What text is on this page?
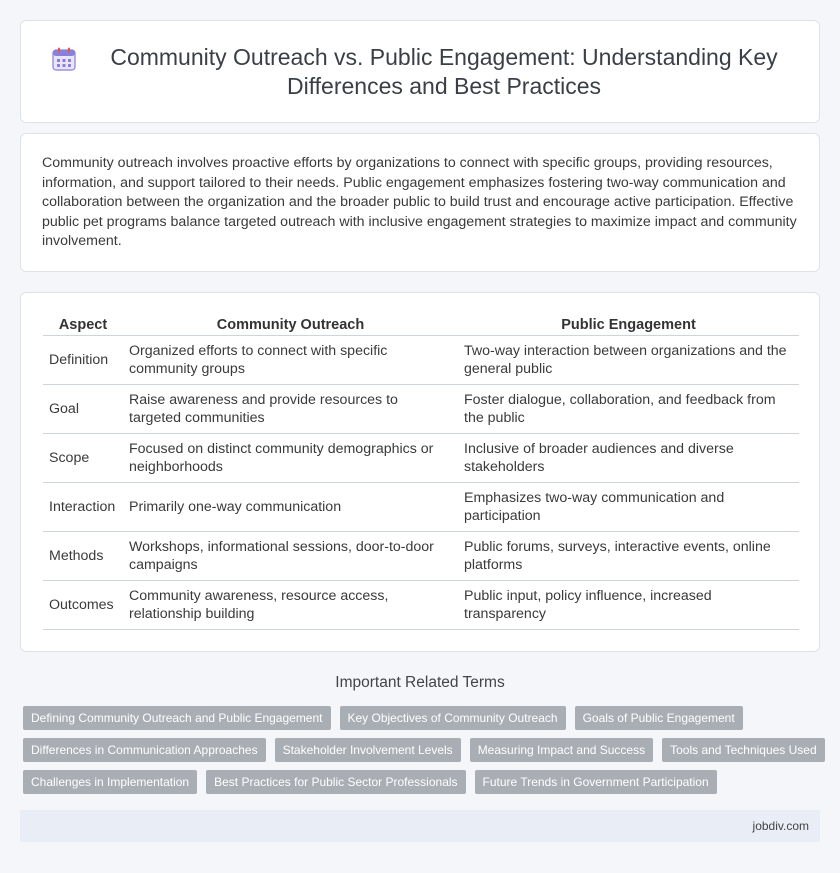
Community Outreach vs. Public Engagement: Understanding Key Differences and Best Practices

Community outreach involves proactive efforts by organizations to connect with specific groups, providing resources, information, and support tailored to their needs. Public engagement emphasizes fostering two-way communication and collaboration between the organization and the broader public to build trust and encourage active participation. Effective public pet programs balance targeted outreach with inclusive engagement strategies to maximize impact and community involvement.

Aspect	Community Outreach	Public Engagement
Definition	Organized efforts to connect with specific community groups	Two-way interaction between organizations and the general public
Goal	Raise awareness and provide resources to targeted communities	Foster dialogue, collaboration, and feedback from the public
Scope	Focused on distinct community demographics or neighborhoods	Inclusive of broader audiences and diverse stakeholders
Interaction	Primarily one-way communication	Emphasizes two-way communication and participation
Methods	Workshops, informational sessions, door-to-door campaigns	Public forums, surveys, interactive events, online platforms
Outcomes	Community awareness, resource access, relationship building	Public input, policy influence, increased transparency
Important Related Terms
Defining Community Outreach and Public Engagement	Key Objectives of Community Outreach	Goals of Public Engagement
Differences in Communication Approaches	Stakeholder Involvement Levels	Measuring Impact and Success	Tools and Techniques Used
Challenges in Implementation	Best Practices for Public Sector Professionals	Future Trends in Government Participation
jobdiv.com
